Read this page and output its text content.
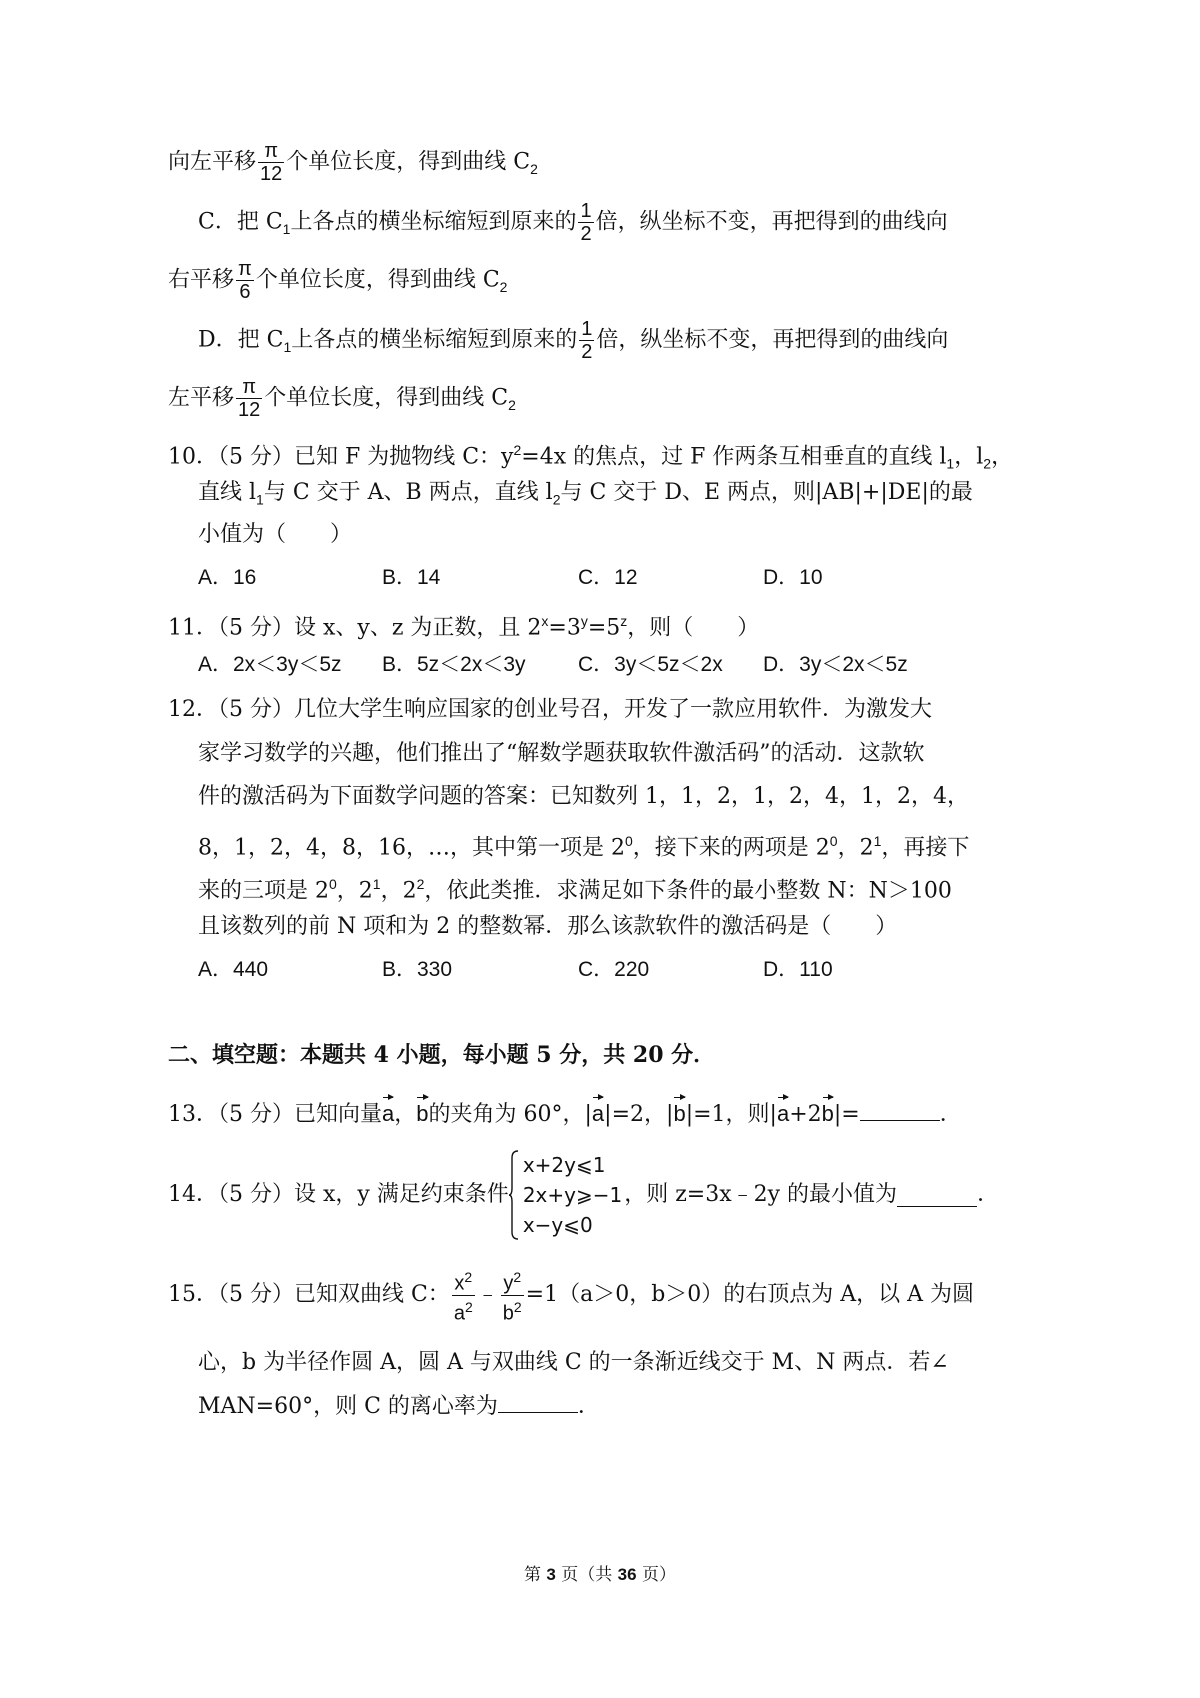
向左平移 $\frac{\pi}{12}$ 个单位长度，得到曲线 $C_2$
C．把 $C_1$上各点的横坐标缩短到原来的 $\frac{1}{2}$ 倍，纵坐标不变，再把得到的曲线向
右平移 $\frac{\pi}{6}$ 个单位长度，得到曲线 $C_2$
D．把 $C_1$上各点的横坐标缩短到原来的 $\frac{1}{2}$ 倍，纵坐标不变，再把得到的曲线向
左平移 $\frac{\pi}{12}$ 个单位长度，得到曲线 $C_2$
10．（5 分）已知 F 为抛物线 C：$y^2=4x$ 的焦点，过 F 作两条互相垂直的直线 $l_1$，$l_2$，
直线 $l_1$与 C 交于 A、B 两点，直线 $l_2$与 C 交于 D、E 两点，则|AB|+|DE|的最
小值为（　　）
A．16	B．14	C．12	D．10
11．（5 分）设 x、y、z 为正数，且 $2^x=3^y=5^z$，则（　　）
A．2x＜3y＜5z B．5z＜2x＜3y C．3y＜5z＜2x D．3y＜2x＜5z
12．（5 分）几位大学生响应国家的创业号召，开发了一款应用软件．为激发大
家学习数学的兴趣，他们推出了“解数学题获取软件激活码”的活动．这款软
件的激活码为下面数学问题的答案：已知数列 1，1，2，1，2，4，1，2，4，
8，1，2，4，8，16，…，其中第一项是 $2^0$，接下来的两项是 $2^0$，$2^1$，再接下
来的三项是 $2^0$，$2^1$，$2^2$，依此类推．求满足如下条件的最小整数 N：N＞100
且该数列的前 N 项和为 2 的整数幂．那么该款软件的激活码是（　　）
A．440	B．330	C．220	D．110
二、填空题：本题共 4 小题，每小题 5 分，共 20 分．
13．（5 分）已知向量a，b的夹角为 60°，|a|=2，|b|=1，则|a+2b|=	．
14．（5 分）设 x，y 满足约束条件
x+2y⩽1
2x+y⩾−1
x−y⩽0
，则 z=3x﹣2y 的最小值为	．
15．（5 分）已知双曲线 C： $\frac{x^2}{a^2}$ ﹣ $\frac{y^2}{b^2} =1(a>0$，b＞0）的右顶点为 A，以 A 为圆
心，b 为半径作圆 A，圆 A 与双曲线 C 的一条渐近线交于 M、N 两点．若∠
MAN=60°，则 C 的离心率为	．
第 3 页（共 36 页）
